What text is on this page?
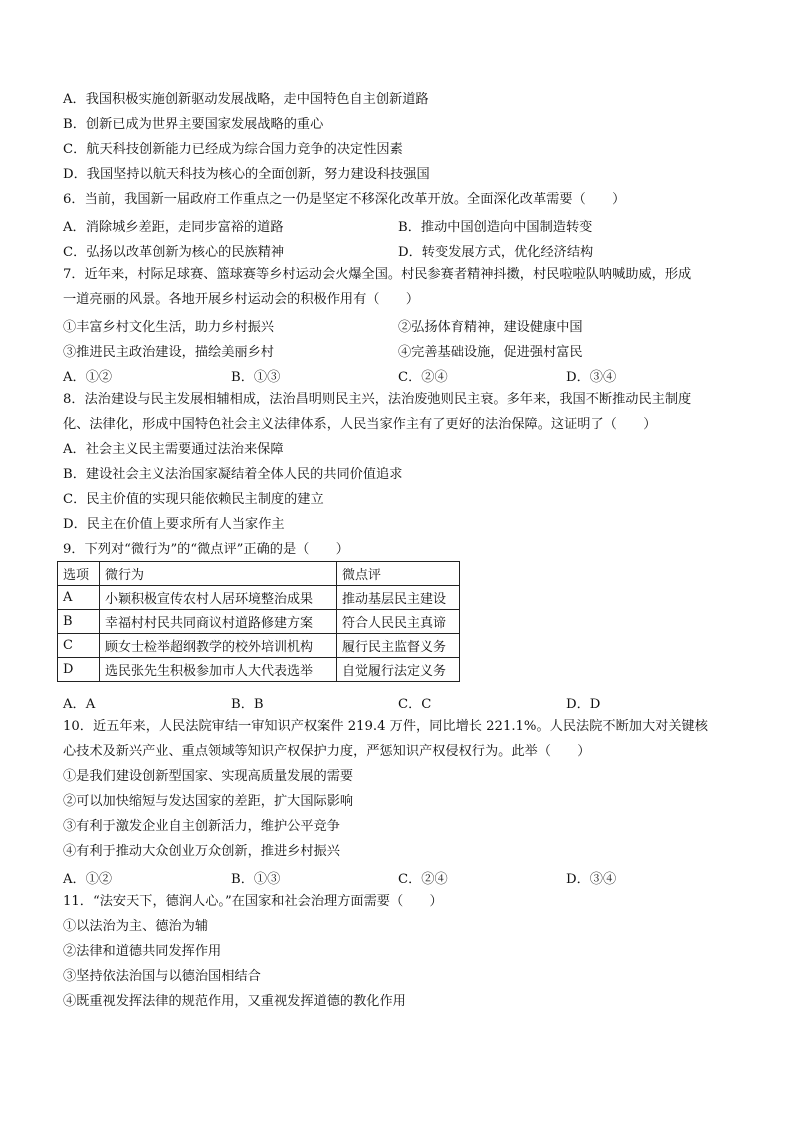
A．我国积极实施创新驱动发展战略，走中国特色自主创新道路
B．创新已成为世界主要国家发展战略的重心
C．航天科技创新能力已经成为综合国力竞争的决定性因素
D．我国坚持以航天科技为核心的全面创新，努力建设科技强国
6．当前，我国新一届政府工作重点之一仍是坚定不移深化改革开放。全面深化改革需要（　　）
A．消除城乡差距，走同步富裕的道路	B．推动中国创造向中国制造转变
C．弘扬以改革创新为核心的民族精神	D．转变发展方式，优化经济结构
7．近年来，村际足球赛、篮球赛等乡村运动会火爆全国。村民参赛者精神抖擞，村民啦啦队呐喊助威，形成
一道亮丽的风景。各地开展乡村运动会的积极作用有（　　）
①丰富乡村文化生活，助力乡村振兴	②弘扬体育精神，建设健康中国
③推进民主政治建设，描绘美丽乡村	④完善基础设施，促进强村富民
A．①②	B．①③	C．②④	D．③④
8．法治建设与民主发展相辅相成，法治昌明则民主兴，法治废弛则民主衰。多年来，我国不断推动民主制度
化、法律化，形成中国特色社会主义法律体系，人民当家作主有了更好的法治保障。这证明了（　　）
A．社会主义民主需要通过法治来保障
B．建设社会主义法治国家凝结着全体人民的共同价值追求
C．民主价值的实现只能依赖民主制度的建立
D．民主在价值上要求所有人当家作主
9．下列对“微行为”的“微点评”正确的是（　　）
选项	微行为	微点评
A	小颖积极宣传农村人居环境整治成果	推动基层民主建设
B	幸福村村民共同商议村道路修建方案	符合人民民主真谛
C	顾女士检举超纲教学的校外培训机构	履行民主监督义务
D	选民张先生积极参加市人大代表选举	自觉履行法定义务
A．A	B．B	C．C	D．D
10．近五年来，人民法院审结一审知识产权案件 219.4 万件，同比增长 221.1%。人民法院不断加大对关键核
心技术及新兴产业、重点领域等知识产权保护力度，严惩知识产权侵权行为。此举（　　）
①是我们建设创新型国家、实现高质量发展的需要
②可以加快缩短与发达国家的差距，扩大国际影响
③有利于激发企业自主创新活力，维护公平竞争
④有利于推动大众创业万众创新，推进乡村振兴
A．①②	B．①③	C．②④	D．③④
11．“法安天下，德润人心。”在国家和社会治理方面需要（　　）
①以法治为主、德治为辅
②法律和道德共同发挥作用
③坚持依法治国与以德治国相结合
④既重视发挥法律的规范作用，又重视发挥道德的教化作用
